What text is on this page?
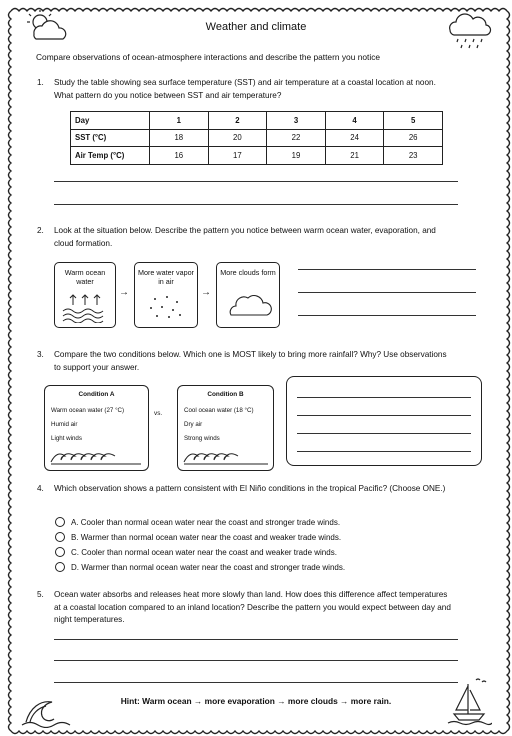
Weather and climate
Compare observations of ocean-atmosphere interactions and describe the pattern you notice
1. Study the table showing sea surface temperature (SST) and air temperature at a coastal location at noon. What pattern do you notice between SST and air temperature?
Day	1	2	3	4	5
SST (°C)	18	20	22	24	26
Air Temp (°C)	16	17	19	21	23
2. Look at the situation below. Describe the pattern you notice between warm ocean water, evaporation, and cloud formation.
Warm ocean water
→
More water vapor in air
→
More clouds form
3. Compare the two conditions below. Which one is MOST likely to bring more rainfall? Why? Use observations to support your answer.
Condition A
Warm ocean water (27 °C)
Humid air
Light winds
vs.
Condition B
Cool ocean water (18 °C)
Dry air
Strong winds
4. Which observation shows a pattern consistent with El Niño conditions in the tropical Pacific? (Choose ONE.)
A. Cooler than normal ocean water near the coast and stronger trade winds.
B. Warmer than normal ocean water near the coast and weaker trade winds.
C. Cooler than normal ocean water near the coast and weaker trade winds.
D. Warmer than normal ocean water near the coast and stronger trade winds.
5. Ocean water absorbs and releases heat more slowly than land. How does this difference affect temperatures at a coastal location compared to an inland location? Describe the pattern you would expect between day and night temperatures.
Hint: Warm ocean → more evaporation → more clouds → more rain.
